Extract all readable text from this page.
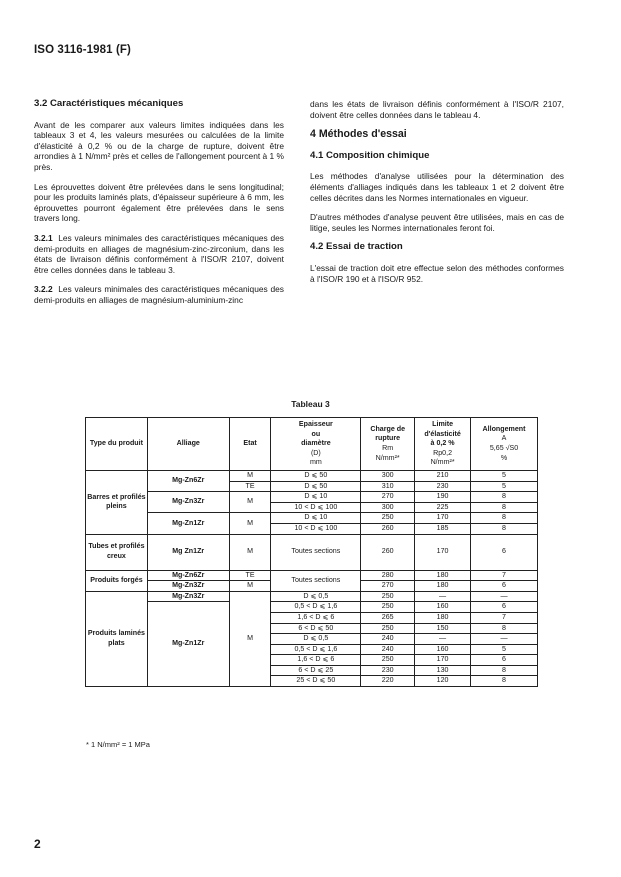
ISO 3116-1981 (F)
3.2 Caractéristiques mécaniques

Avant de les comparer aux valeurs limites indiquées dans les tableaux 3 et 4, les valeurs mesurées ou calculées de la limite d'élasticité à 0,2 % ou de la charge de rupture, doivent être arrondies à 1 N/mm² près et celles de l'allongement pourcent à 1 % près.

Les éprouvettes doivent être prélevées dans le sens longitudinal; pour les produits laminés plats, d'épaisseur supérieure à 6 mm, les éprouvettes pourront également être prélevées dans le sens travers long.

3.2.1 Les valeurs minimales des caractéristiques mécaniques des demi-produits en alliages de magnésium-zinc-zirconium, dans les états de livraison définis conformément à l'ISO/R 2107, doivent être celles données dans le tableau 3.

3.2.2 Les valeurs minimales des caractéristiques mécaniques des demi-produits en alliages de magnésium-aluminium-zinc

dans les états de livraison définis conformément à l'ISO/R 2107, doivent être celles données dans le tableau 4.

4 Méthodes d'essai
4.1 Composition chimique

Les méthodes d'analyse utilisées pour la détermination des éléments d'alliages indiqués dans les tableaux 1 et 2 doivent être celles décrites dans les Normes internationales en vigueur.

D'autres méthodes d'analyse peuvent être utilisées, mais en cas de litige, seules les Normes internationales feront foi.

4.2 Essai de traction

L'essai de traction doit etre effectue selon des méthodes conformes à l'ISO/R 190 et à l'ISO/R 952.

Tableau 3
Type du produit	Alliage	Etat	Epaisseur
ou
diamètre
(D)
mm	Charge de
rupture
Rm
N/mm²*	Limite
d'élasticité
à 0,2 %
Rp0,2
N/mm²*	Allongement
A
5,65 √S0
%

Barres et profilés pleins	Mg-Zn6Zr	M	D ⩽ 50	300	210	5
		TE	D ⩽ 50	310	230	5
	Mg-Zn3Zr	M	D ⩽ 10	270	190	8
			10 < D ⩽ 100	300	225	8
	Mg-Zn1Zr	M	D ⩽ 10	250	170	8
			10 < D ⩽ 100	260	185	8
Tubes et profilés creux	Mg Zn1Zr	M	Toutes sections	260	170	6
Produits forgés	Mg-Zn6Zr	TE	Toutes sections	280	180	7
	Mg-Zn3Zr	M		270	180	6
Produits laminés plats	Mg-Zn3Zr	M	D ⩽ 0,5	250	—	—
	Mg-Zn1Zr		0,5 < D ⩽ 1,6	250	160	6
			1,6 < D ⩽ 6	265	180	7
			6 < D ⩽ 50	250	150	8
			D ⩽ 0,5	240	—	—
			0,5 < D ⩽ 1,6	240	160	5
			1,6 < D ⩽ 6	250	170	6
			6 < D ⩽ 25	230	130	8
			25 < D ⩽ 50	220	120	8
* 1 N/mm² = 1 MPa
2
